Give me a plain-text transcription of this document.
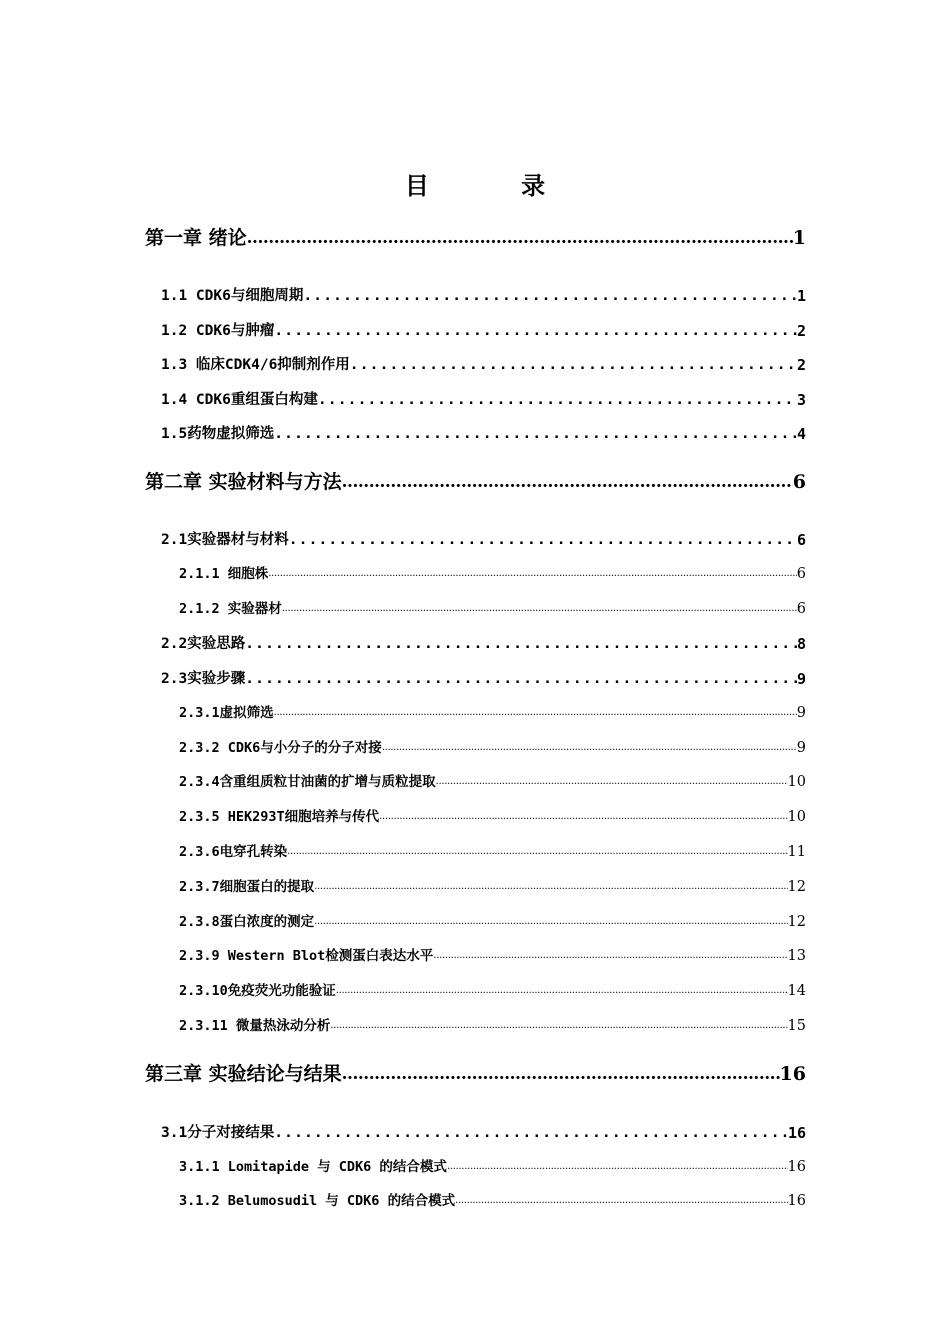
目 录
第一章 绪论 .....	1
1.1 CDK6与细胞周期 .....	1
1.2 CDK6与肿瘤 .....	2
1.3 临床CDK4/6抑制剂作用 .....	2
1.4 CDK6重组蛋白构建 .....	3
1.5药物虚拟筛选 .....	4
第二章 实验材料与方法 .....	6
2.1实验器材与材料 .....	6
2.1.1 细胞株 .....	6
2.1.2 实验器材 .....	6
2.2实验思路 .....	8
2.3实验步骤 .....	9
2.3.1虚拟筛选 .....	9
2.3.2 CDK6与小分子的分子对接 .....	9
2.3.4含重组质粒甘油菌的扩增与质粒提取 .....	10
2.3.5 HEK293T细胞培养与传代 .....	10
2.3.6电穿孔转染 .....	11
2.3.7细胞蛋白的提取 .....	12
2.3.8蛋白浓度的测定 .....	12
2.3.9 Western Blot检测蛋白表达水平 .....	13
2.3.10免疫荧光功能验证 .....	14
2.3.11 微量热泳动分析 .....	15
第三章 实验结论与结果 .....	16
3.1分子对接结果 .....	16
3.1.1 Lomitapide 与 CDK6 的结合模式 .....	16
3.1.2 Belumosudil 与 CDK6 的结合模式 .....	16
